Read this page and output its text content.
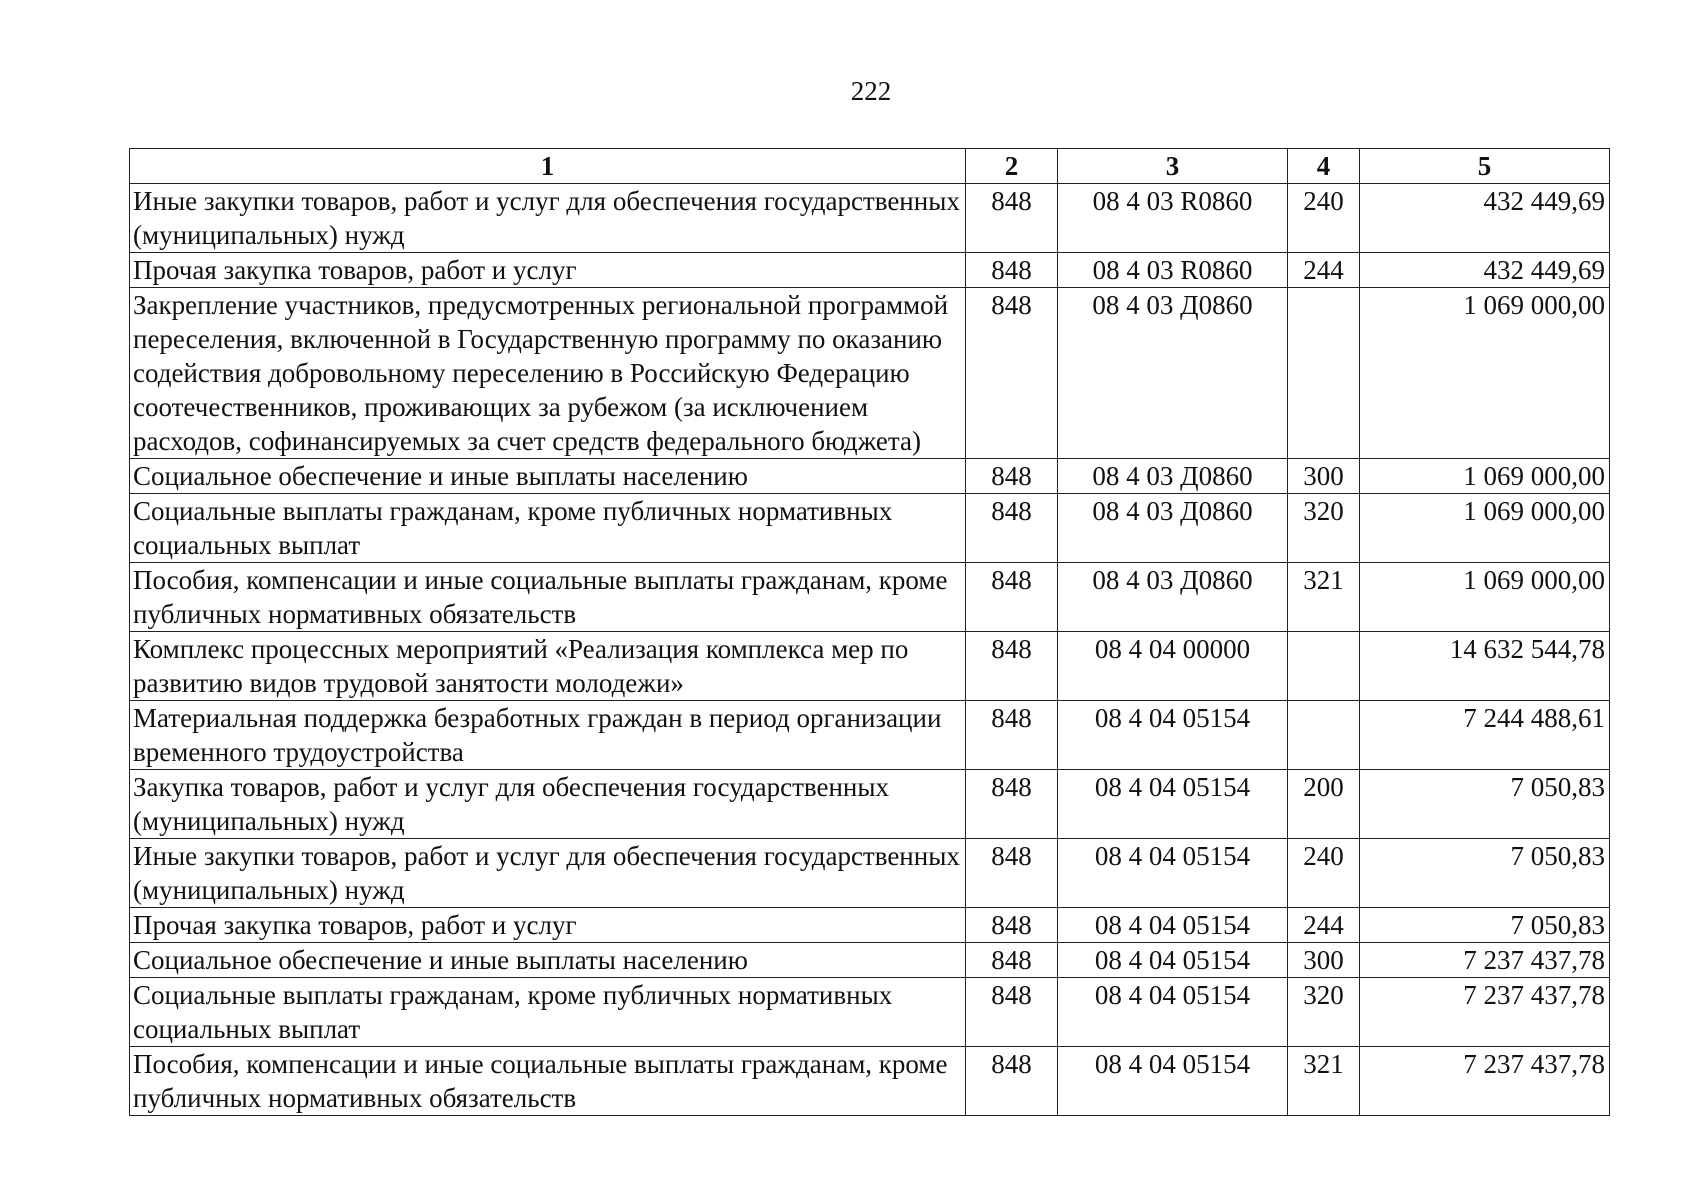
222
1	2	3	4	5
Иные закупки товаров, работ и услуг для обеспечения государственных (муниципальных) нужд	848	08 4 03 R0860	240	432 449,69
Прочая закупка товаров, работ и услуг	848	08 4 03 R0860	244	432 449,69
Закрепление участников, предусмотренных региональной программой переселения, включенной в Государственную программу по оказанию содействия добровольному переселению в Российскую Федерацию соотечественников, проживающих за рубежом (за исключением расходов, софинансируемых за счет средств федерального бюджета)	848	08 4 03 Д0860		1 069 000,00
Социальное обеспечение и иные выплаты населению	848	08 4 03 Д0860	300	1 069 000,00
Социальные выплаты гражданам, кроме публичных нормативных социальных выплат	848	08 4 03 Д0860	320	1 069 000,00
Пособия, компенсации и иные социальные выплаты гражданам, кроме публичных нормативных обязательств	848	08 4 03 Д0860	321	1 069 000,00
Комплекс процессных мероприятий «Реализация комплекса мер по развитию видов трудовой занятости молодежи»	848	08 4 04 00000		14 632 544,78
Материальная поддержка безработных граждан в период организации временного трудоустройства	848	08 4 04 05154		7 244 488,61
Закупка товаров, работ и услуг для обеспечения государственных (муниципальных) нужд	848	08 4 04 05154	200	7 050,83
Иные закупки товаров, работ и услуг для обеспечения государственных (муниципальных) нужд	848	08 4 04 05154	240	7 050,83
Прочая закупка товаров, работ и услуг	848	08 4 04 05154	244	7 050,83
Социальное обеспечение и иные выплаты населению	848	08 4 04 05154	300	7 237 437,78
Социальные выплаты гражданам, кроме публичных нормативных социальных выплат	848	08 4 04 05154	320	7 237 437,78
Пособия, компенсации и иные социальные выплаты гражданам, кроме публичных нормативных обязательств	848	08 4 04 05154	321	7 237 437,78
